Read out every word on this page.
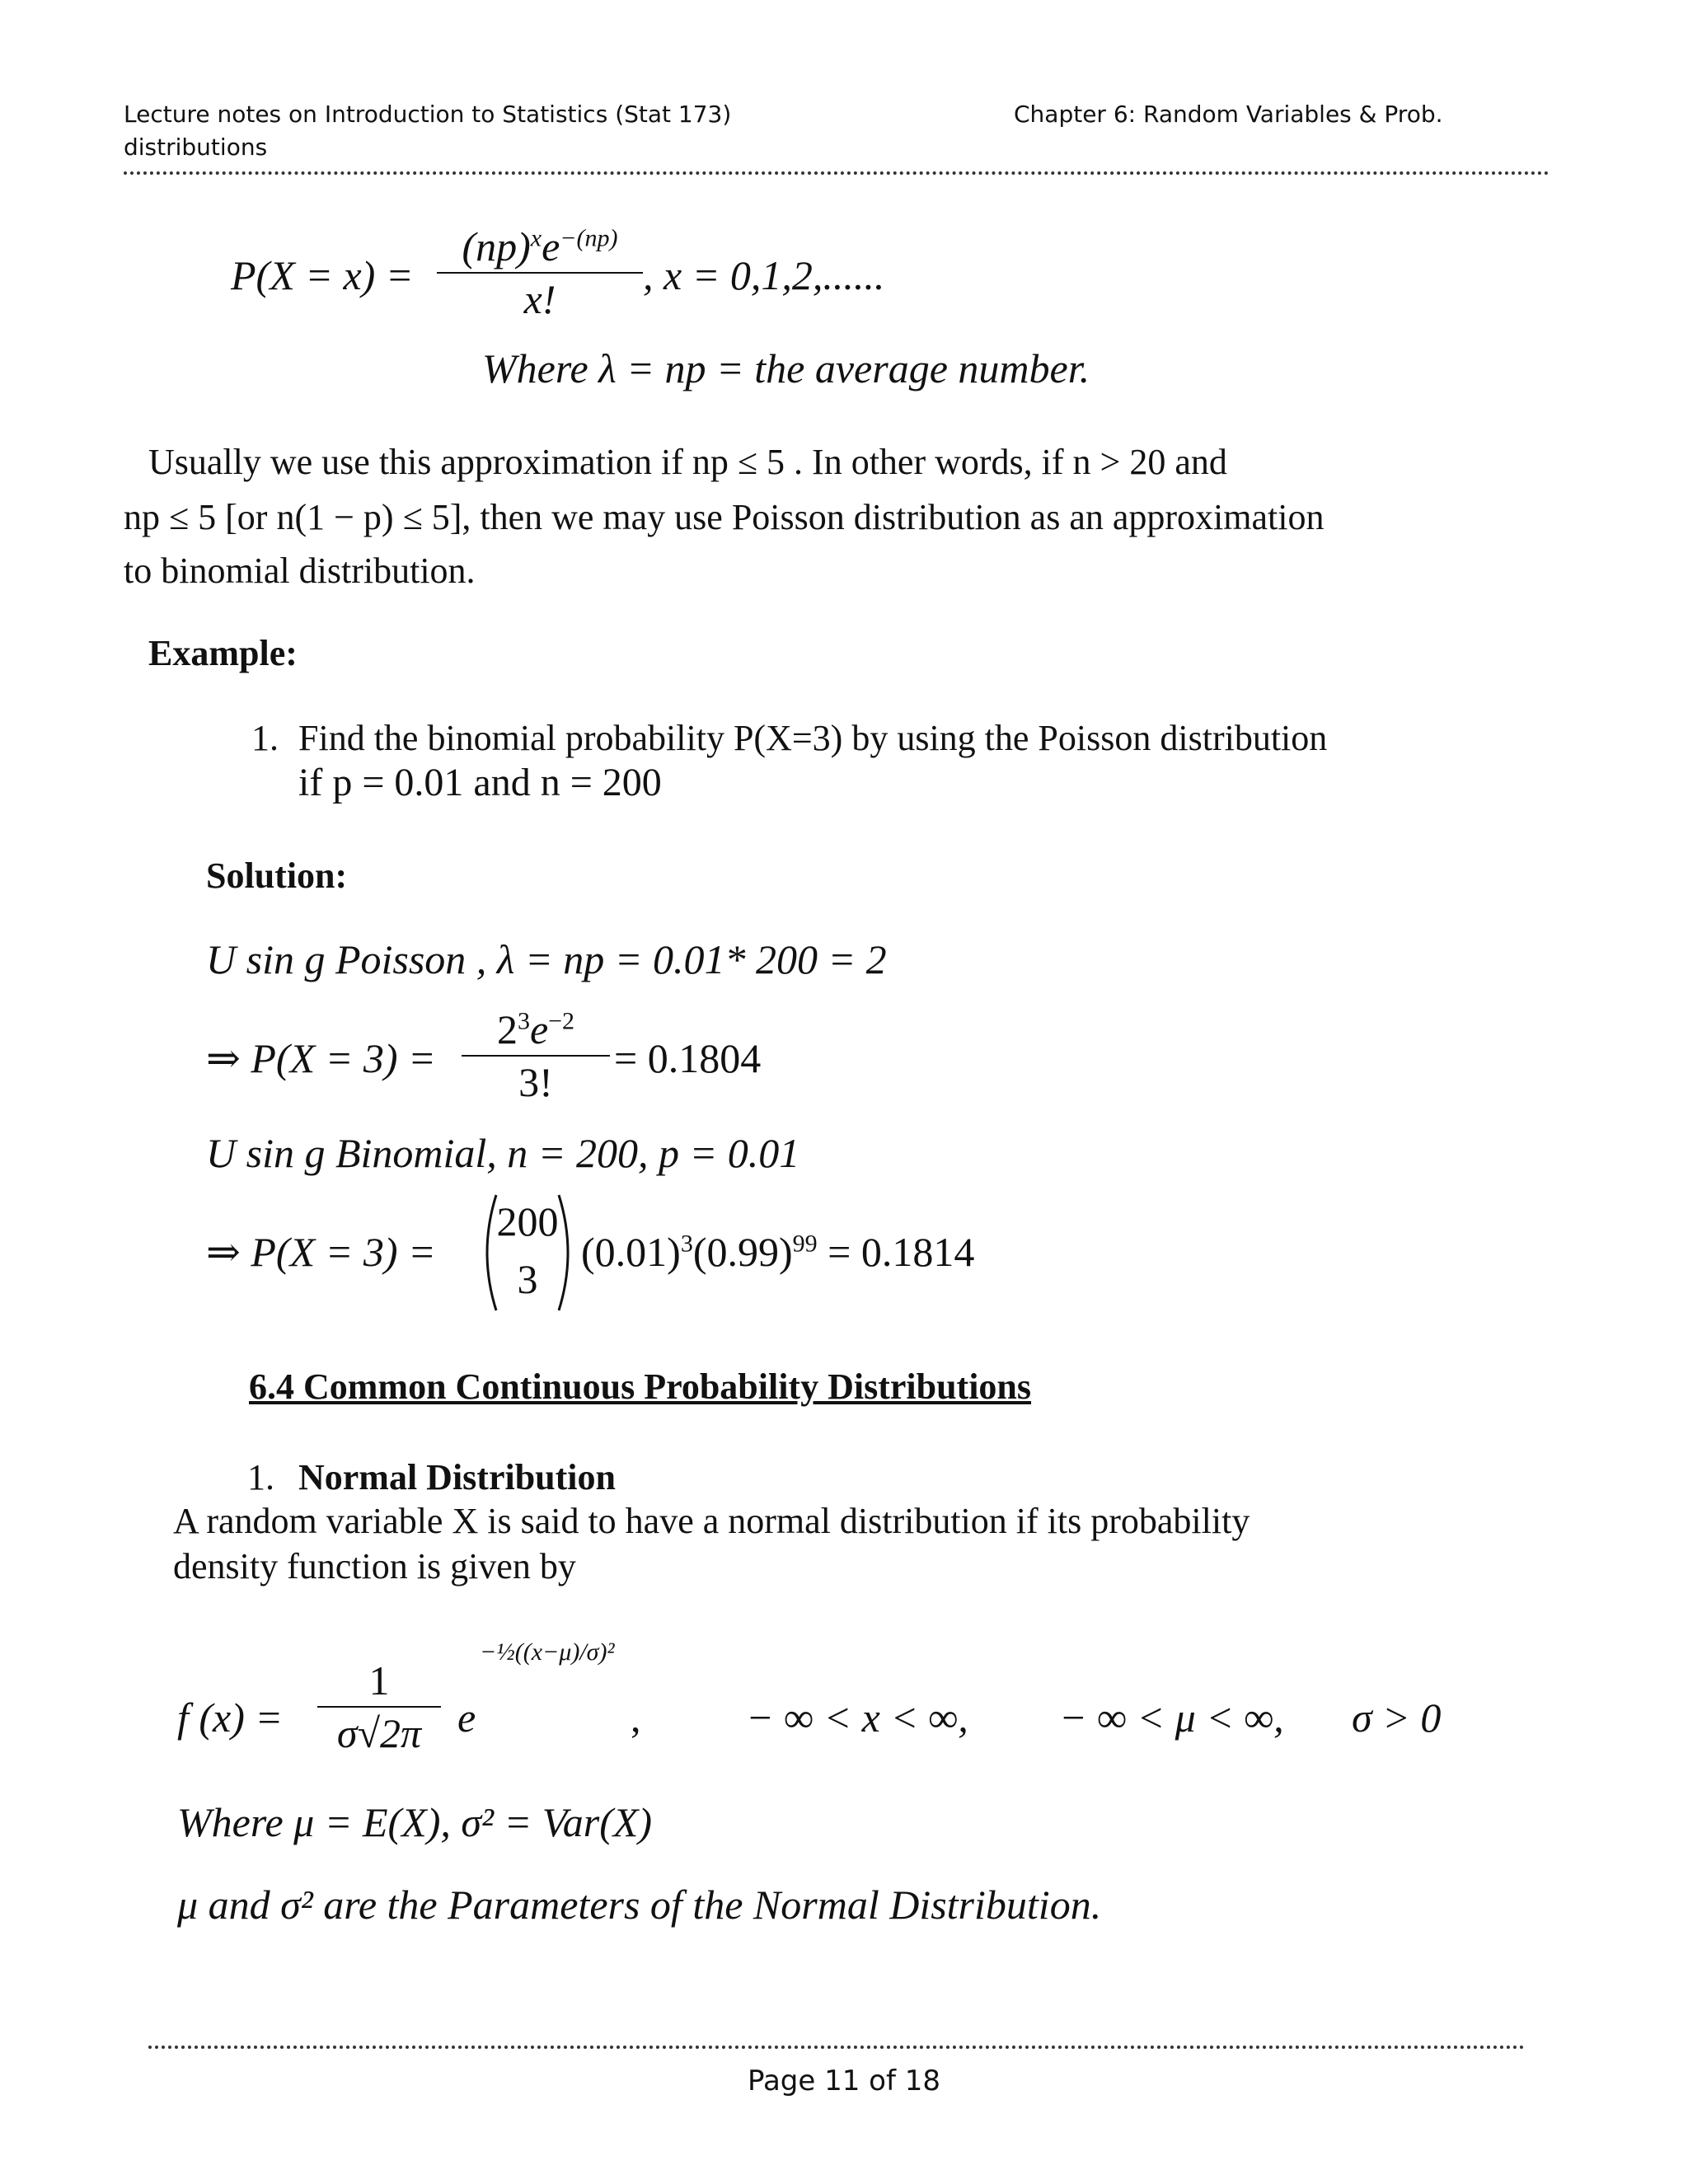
Lecture notes on Introduction to Statistics (Stat 173)
distributions
Chapter 6: Random Variables & Prob.
P(X = x) =
$(np)^xe^{-(np)}$
x!
, x = 0,1,2,......
Where λ = np = the average number.
Usually we use this approximation if np ≤ 5 . In other words, if n > 20 and
np ≤ 5 [or n(1 − p) ≤ 5], then we may use Poisson distribution as an approximation
to binomial distribution.
Example:
1. Find the binomial probability P(X=3) by using the Poisson distribution
if p = 0.01 and n = 200
Solution:
U sin g Poisson , λ = np = 0.01* 200 = 2
⇒ P(X = 3) =
$2^3e^{-2}$
3!
= 0.1804
U sin g Binomial, n = 200, p = 0.01
⇒ P(X = 3) =
200
3
$(0.01)^3(0.99)^{99} = 0.1814$
6.4 Common Continuous Probability Distributions
1. Normal Distribution
A random variable X is said to have a normal distribution if its probability
density function is given by
f (x) =
1
σ√2π e
−½((x−μ)/σ)²
,	− ∞ < x < ∞, − ∞ < μ < ∞, σ > 0
Where μ = E(X), σ² = Var(X)
μ and σ² are the Parameters of the Normal Distribution.
Page 11 of 18
